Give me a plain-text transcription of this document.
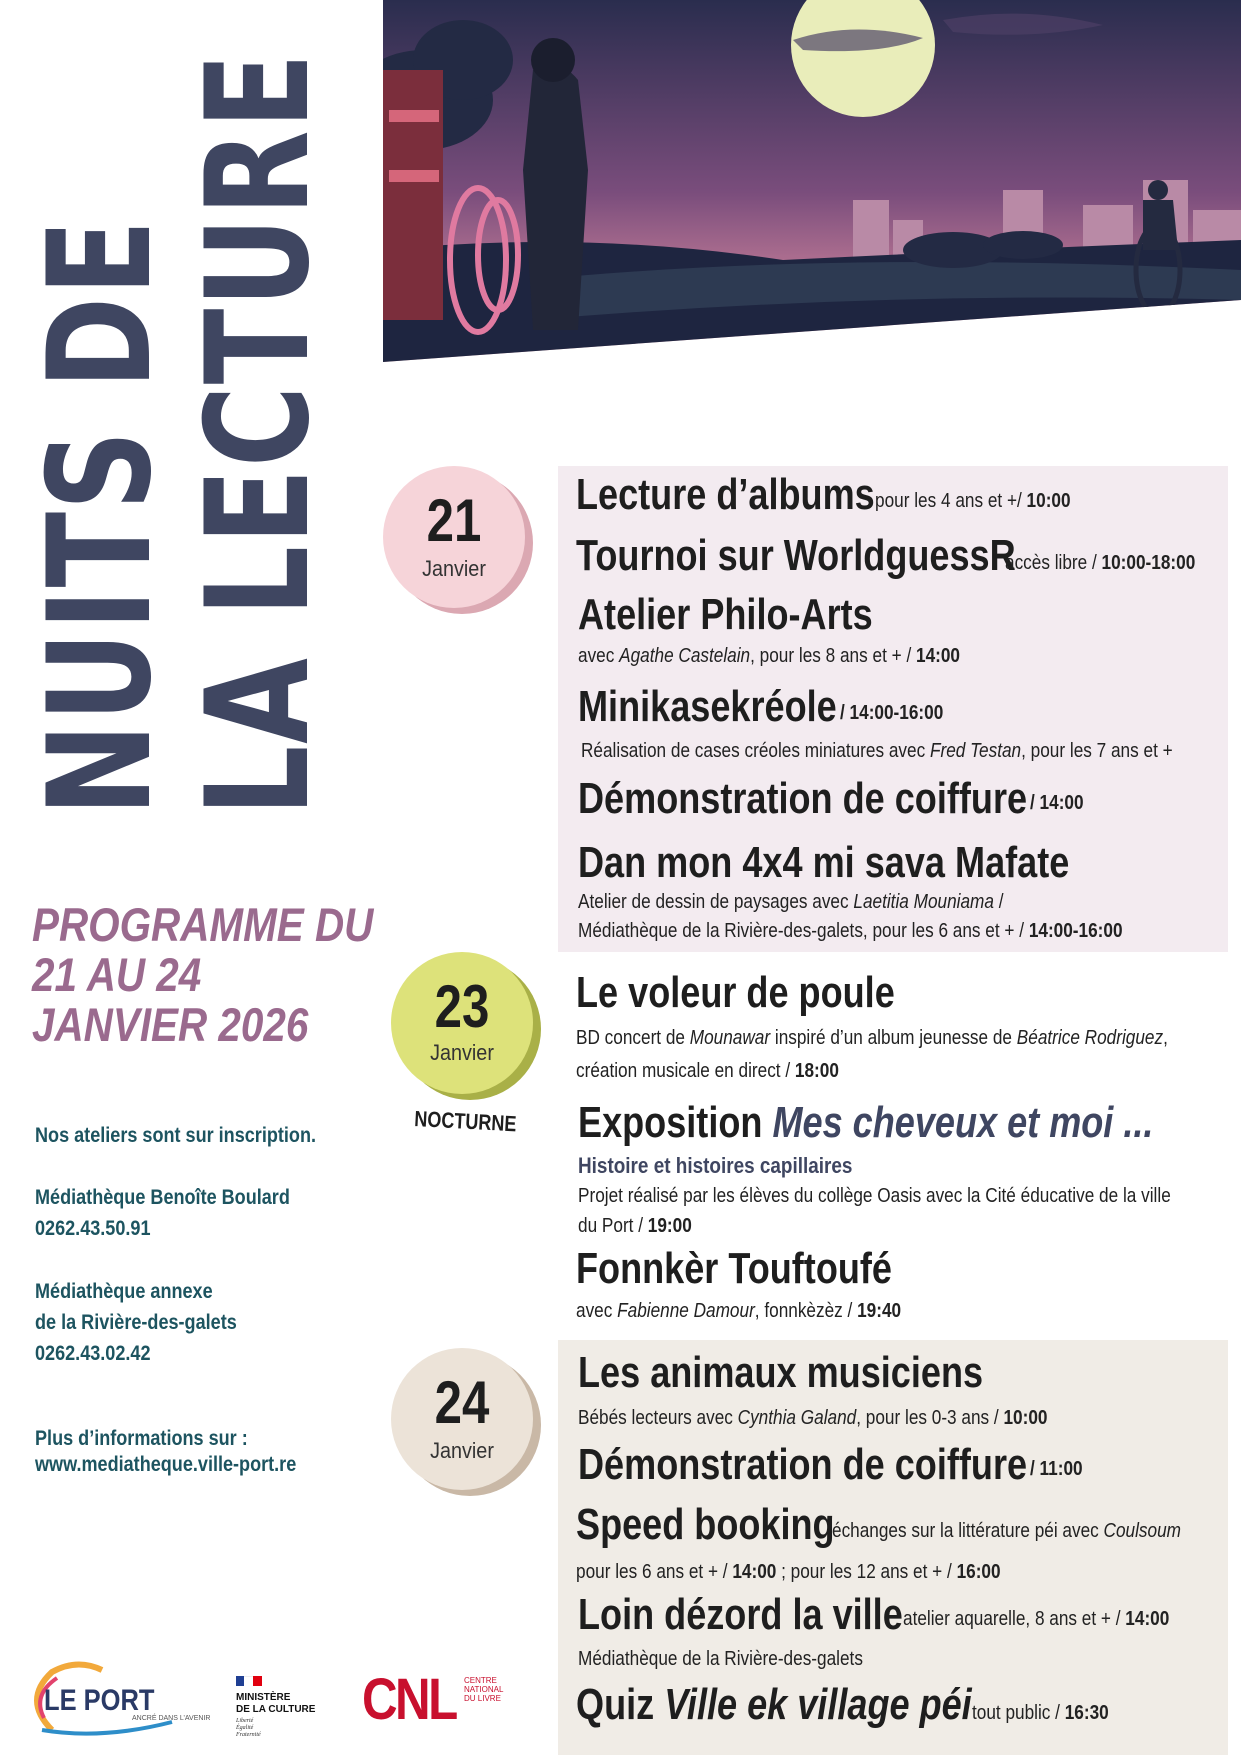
NUITS DE
LA LECTURE
PROGRAMME DU
21 AU 24
JANVIER 2026
Nos ateliers sont sur inscription.
Médiathèque Benoîte Boulard
0262.43.50.91
Médiathèque annexe
de la Rivière-des-galets
0262.43.02.42
Plus d’informations sur :
www.mediatheque.ville-port.re
21
Janvier
23
Janvier
NOCTURNE
24
Janvier
Lecture d’albums pour les 4 ans et +/ 10:00
Tournoi sur WorldguessR
accès libre / 10:00-18:00
Atelier Philo-Arts
avec Agathe Castelain, pour les 8 ans et + / 14:00
Minikasekréole / 14:00-16:00
Réalisation de cases créoles miniatures avec Fred Testan, pour les 7 ans et +
Démonstration de coiffure / 14:00
Dan mon 4x4 mi sava Mafate
Atelier de dessin de paysages avec Laetitia Mouniama /
Médiathèque de la Rivière-des-galets, pour les 6 ans et + / 14:00-16:00
Le voleur de poule
BD concert de Mounawar inspiré d’un album jeunesse de Béatrice Rodriguez,
création musicale en direct / 18:00
Exposition Mes cheveux et moi ...
Histoire et histoires capillaires
Projet réalisé par les élèves du collège Oasis avec la Cité éducative de la ville
du Port / 19:00
Fonnkèr Touftoufé
avec Fabienne Damour, fonnkèzèz / 19:40
Les animaux musiciens
Bébés lecteurs avec Cynthia Galand, pour les 0-3 ans / 10:00
Démonstration de coiffure / 11:00
Speed booking
échanges sur la littérature péi avec Coulsoum
pour les 6 ans et + / 14:00 ; pour les 12 ans et + / 16:00
Loin dézord la ville atelier aquarelle, 8 ans et + / 14:00
Médiathèque de la Rivière-des-galets
Quiz Ville ek village péi tout public / 16:30
LE PORT
ANCRÉ DANS L’AVENIR
MINISTÈRE
DE LA CULTURE
Liberté
Égalité
Fraternité
CNL CENTRE
NATIONAL
DU LIVRE
